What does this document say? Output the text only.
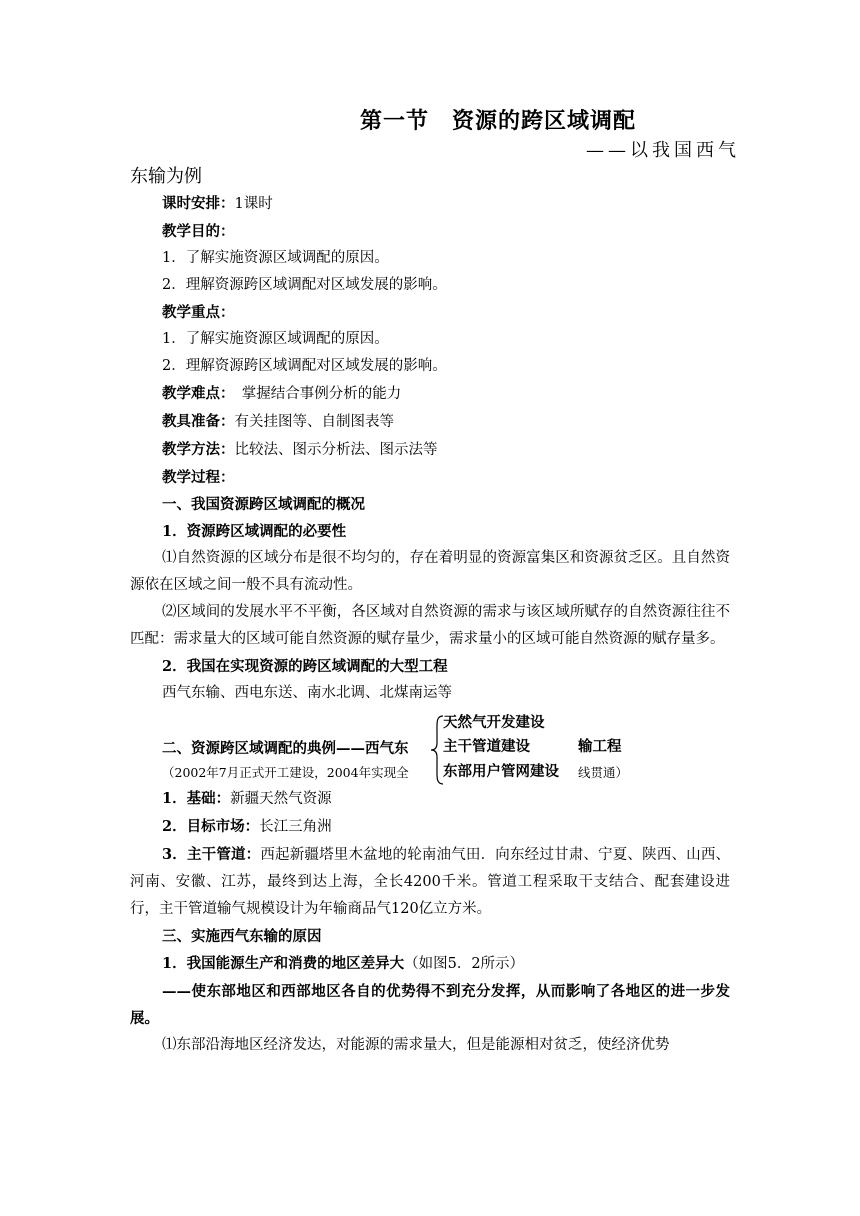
第一节　资源的跨区域调配
——以我国西气
东输为例

课时安排：1课时

教学目的：

1．了解实施资源区域调配的原因。

2．理解资源跨区域调配对区域发展的影响。

教学重点：

1．了解实施资源区域调配的原因。

2．理解资源跨区域调配对区域发展的影响。

教学难点：　掌握结合事例分析的能力

教具准备：有关挂图等、自制图表等

教学方法：比较法、图示分析法、图示法等

教学过程：

一、我国资源跨区域调配的概况

1．资源跨区域调配的必要性

⑴自然资源的区域分布是很不均匀的，存在着明显的资源富集区和资源贫乏区。且自然资源依在区域之间一般不具有流动性。

⑵区域间的发展水平不平衡，各区域对自然资源的需求与该区域所赋存的自然资源往往不匹配：需求量大的区域可能自然资源的赋存量少，需求量小的区域可能自然资源的赋存量多。

2．我国在实现资源的跨区域调配的大型工程

西气东输、西电东送、南水北调、北煤南运等

二、资源跨区域调配的典例——西气东
（2002年7月正式开工建设，2004年实现全
天然气开发建设
主干管道建设
东部用户管网建设
输工程
线贯通）

1．基础：新疆天然气资源

2．目标市场：长江三角洲

3．主干管道：西起新疆塔里木盆地的轮南油气田．向东经过甘肃、宁夏、陕西、山西、河南、安徽、江苏，最终到达上海，全长4200千米。管道工程采取干支结合、配套建设进行，主干管道输气规模设计为年输商品气120亿立方米。

三、实施西气东输的原因

1．我国能源生产和消费的地区差异大（如图5．2所示）

——使东部地区和西部地区各自的优势得不到充分发挥，从而影响了各地区的进一步发展。

⑴东部沿海地区经济发达，对能源的需求量大，但是能源相对贫乏，使经济优势
